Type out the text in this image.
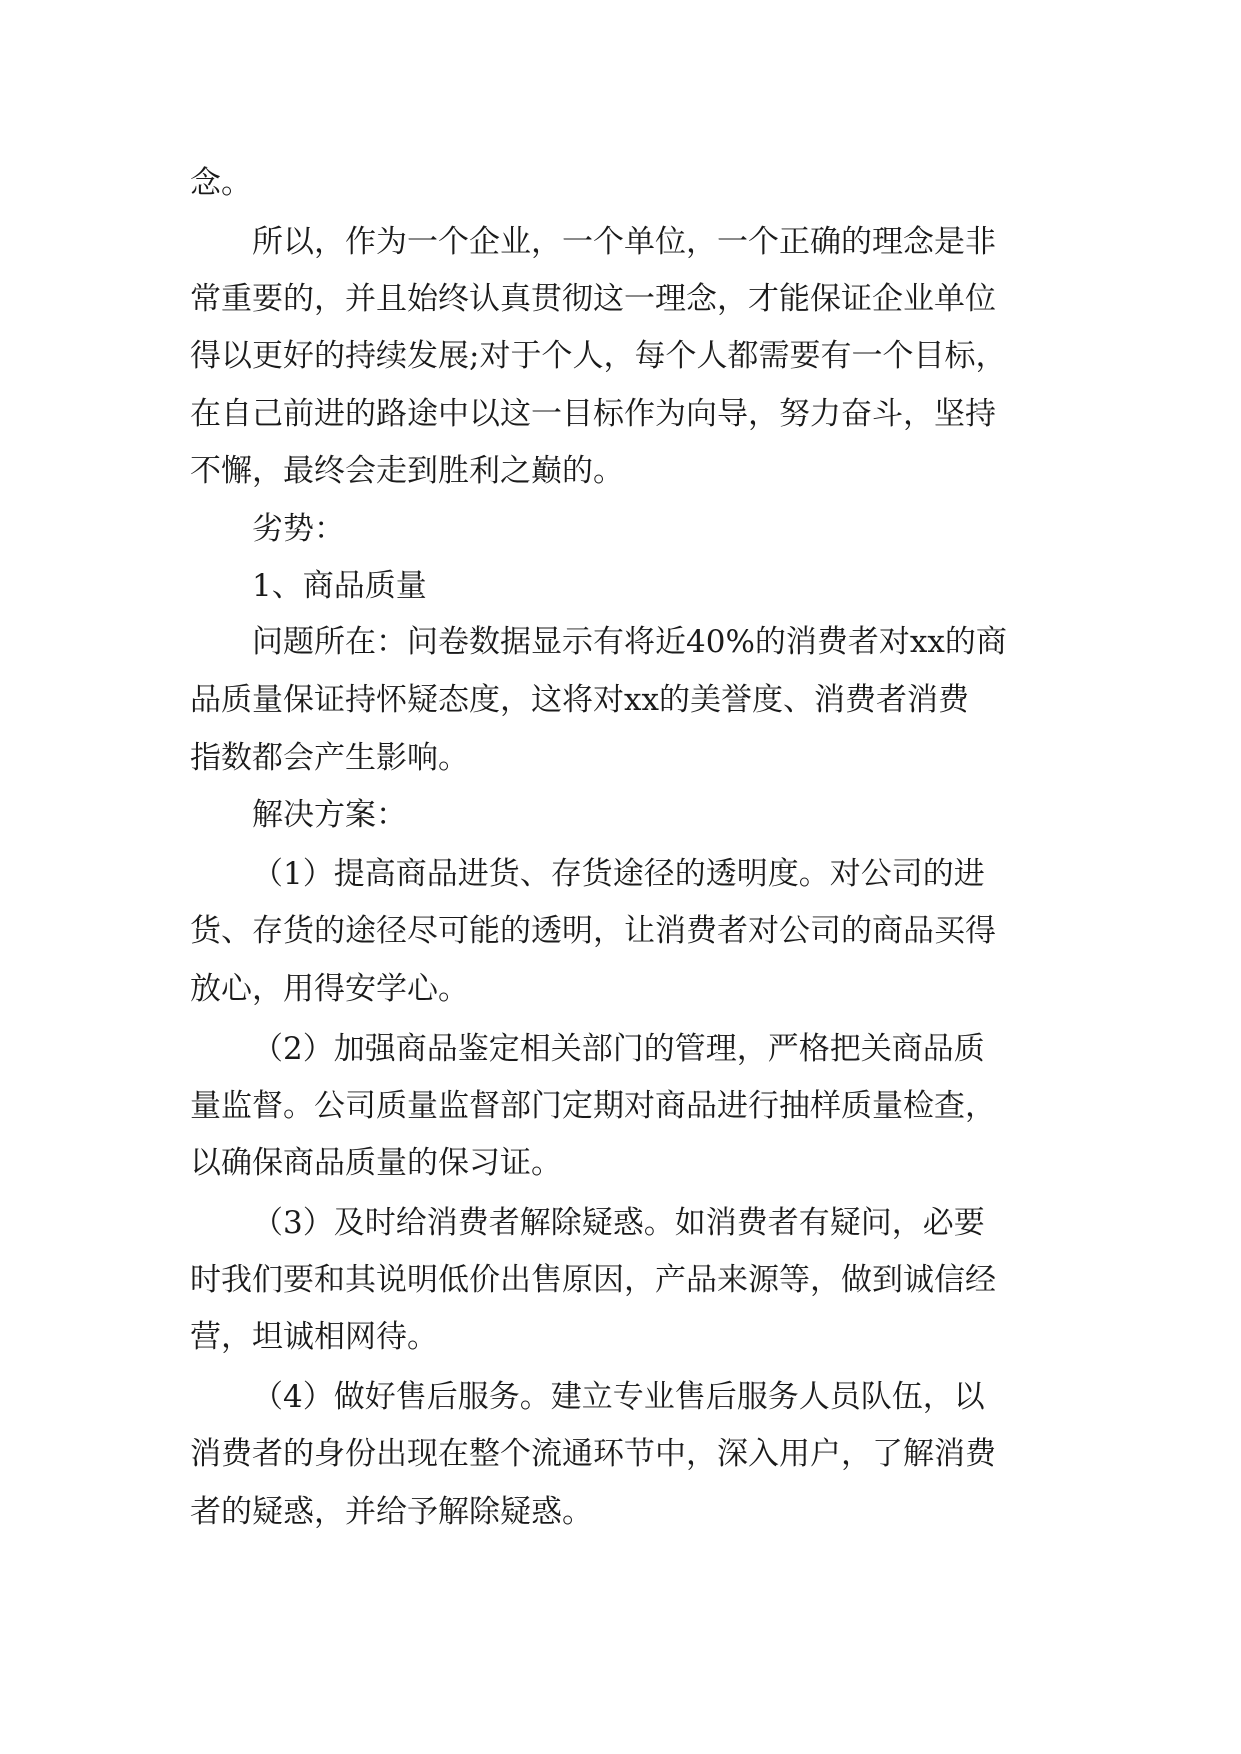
念。
所以，作为一个企业，一个单位，一个正确的理念是非
常重要的，并且始终认真贯彻这一理念，才能保证企业单位
得以更好的持续发展;对于个人，每个人都需要有一个目标，
在自己前进的路途中以这一目标作为向导，努力奋斗，坚持
不懈，最终会走到胜利之巅的。
劣势：
1、商品质量
问题所在：问卷数据显示有将近40%的消费者对xx的商
品质量保证持怀疑态度，这将对xx的美誉度、消费者消费
指数都会产生影响。
解决方案：
（1）提高商品进货、存货途径的透明度。对公司的进
货、存货的途径尽可能的透明，让消费者对公司的商品买得
放心，用得安学心。
（2）加强商品鉴定相关部门的管理，严格把关商品质
量监督。公司质量监督部门定期对商品进行抽样质量检查，
以确保商品质量的保习证。
（3）及时给消费者解除疑惑。如消费者有疑问，必要
时我们要和其说明低价出售原因，产品来源等，做到诚信经
营，坦诚相网待。
（4）做好售后服务。建立专业售后服务人员队伍，以
消费者的身份出现在整个流通环节中，深入用户，了解消费
者的疑惑，并给予解除疑惑。
